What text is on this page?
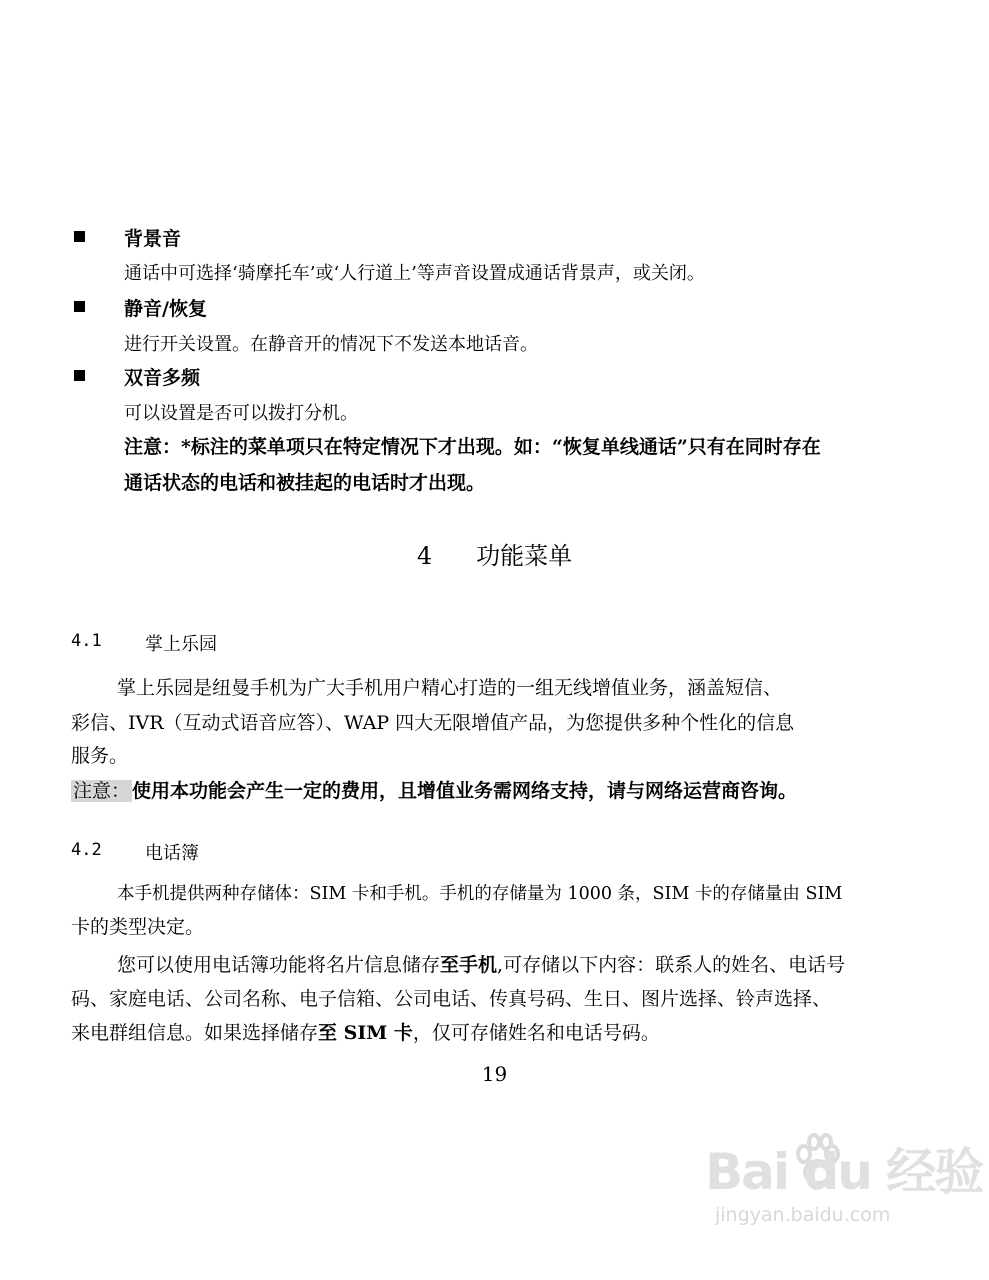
背景音
通话中可选择‘骑摩托车’或‘人行道上’等声音设置成通话背景声，或关闭。
静音/恢复
进行开关设置。在静音开的情况下不发送本地话音。
双音多频
可以设置是否可以拨打分机。
注意：*标注的菜单项只在特定情况下才出现。如：“恢复单线通话”只有在同时存在
通话状态的电话和被挂起的电话时才出现。
4 功能菜单
4.1 掌上乐园
掌上乐园是纽曼手机为广大手机用户精心打造的一组无线增值业务，涵盖短信、
彩信、IVR（互动式语音应答）、WAP 四大无限增值产品，为您提供多种个性化的信息
服务。
注意： 使用本功能会产生一定的费用，且增值业务需网络支持，请与网络运营商咨询。
4.2 电话簿
本手机提供两种存储体：SIM 卡和手机。手机的存储量为 1000 条，SIM 卡的存储量由 SIM
卡的类型决定。
您可以使用电话簿功能将名片信息储存至手机,可存储以下内容：联系人的姓名、电话号
码、家庭电话、公司名称、电子信箱、公司电话、传真号码、生日、图片选择、铃声选择、
来电群组信息。如果选择储存至 SIM 卡，仅可存储姓名和电话号码。
19
Bai du 经验
jingyan.baidu.com
